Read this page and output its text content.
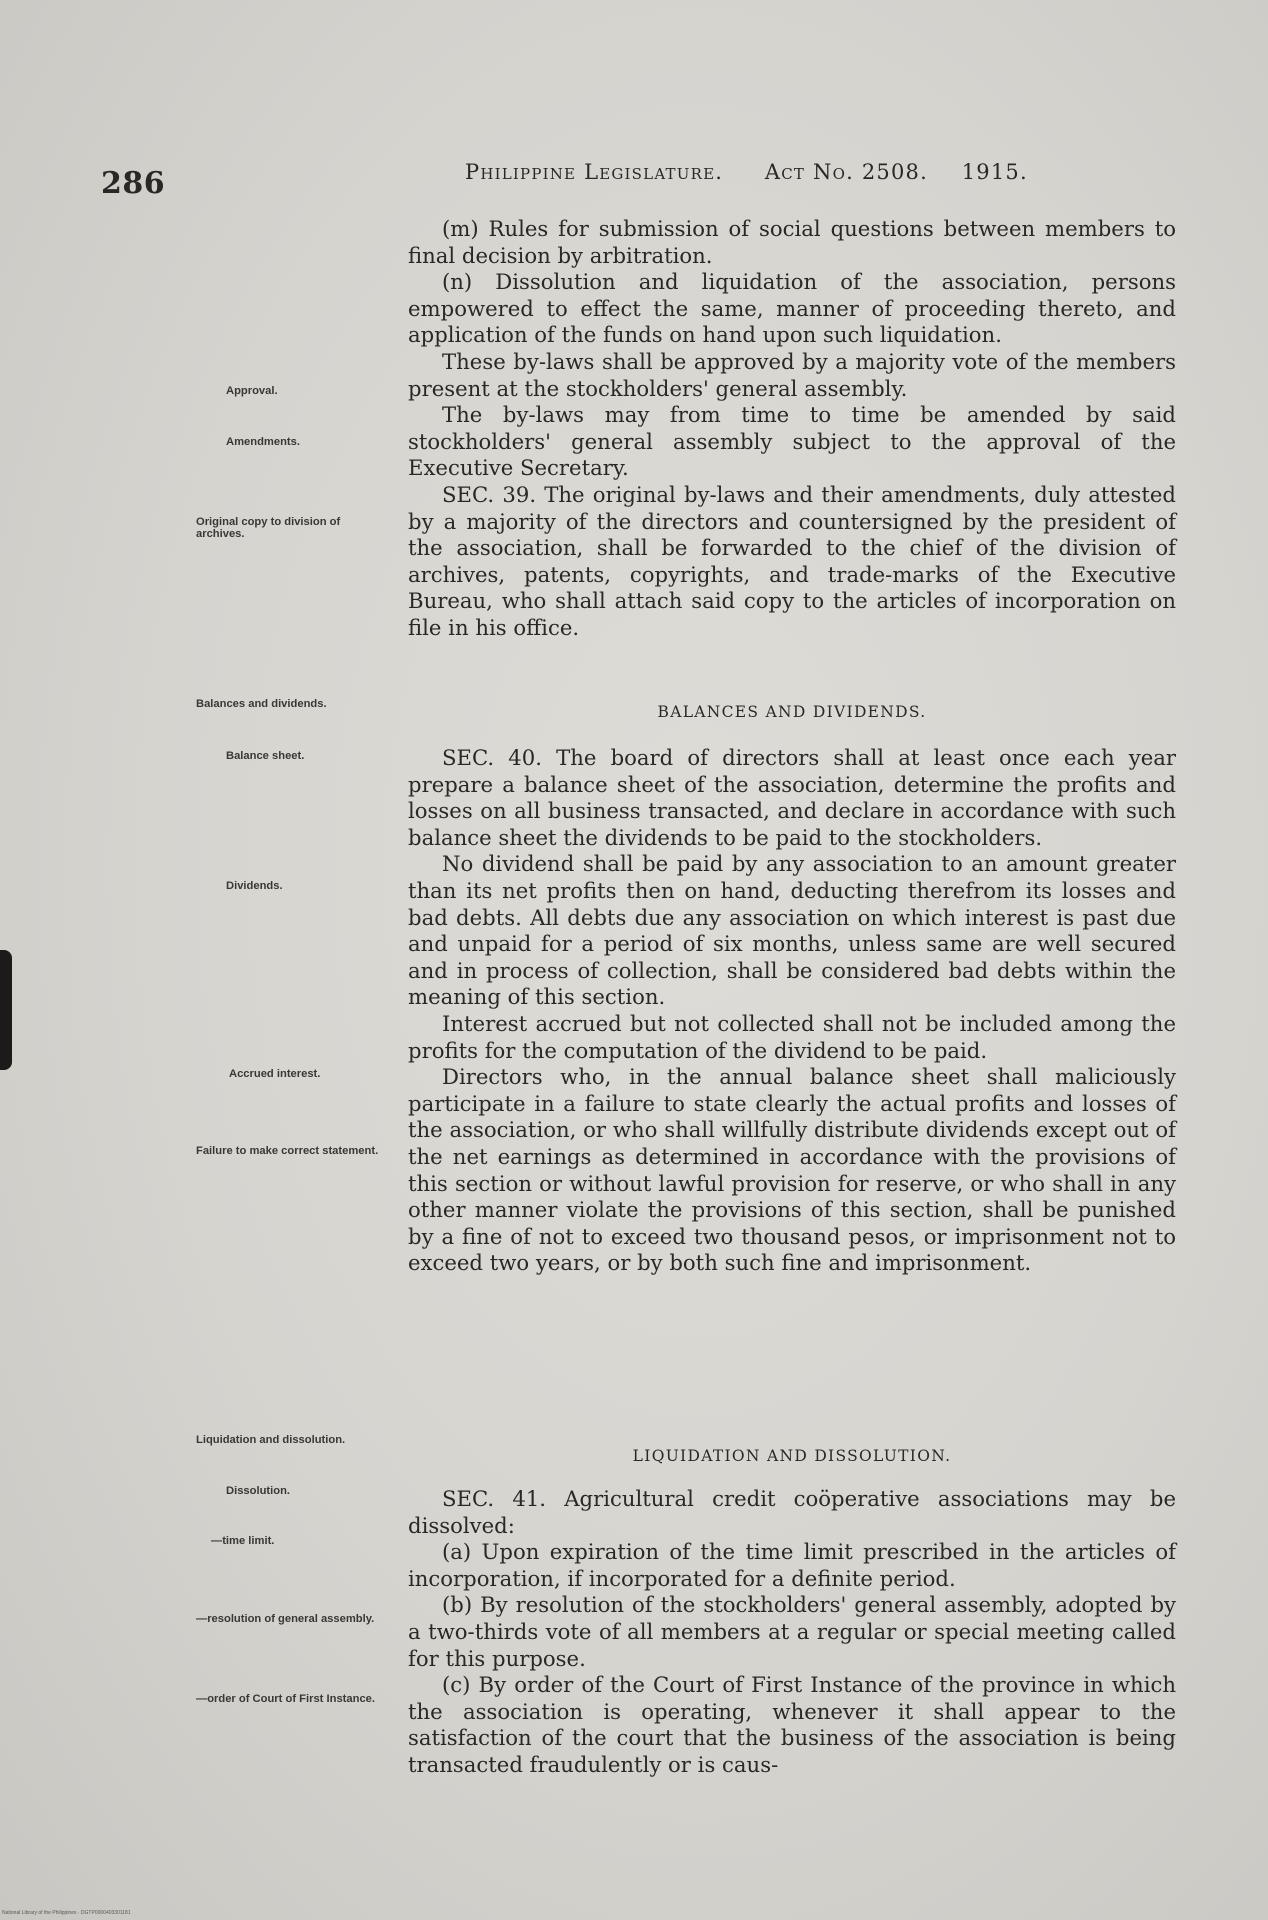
286	Philippine Legislature. Act No. 2508. 1915.

(m) Rules for submission of social questions between members to final decision by arbitration.

(n) Dissolution and liquidation of the association, persons empowered to effect the same, manner of proceeding thereto, and application of the funds on hand upon such liquidation.

These by-laws shall be approved by a majority vote of the members present at the stockholders' general assembly.

The by-laws may from time to time be amended by said stockholders' general assembly subject to the approval of the Executive Secretary.

SEC. 39. The original by-laws and their amendments, duly attested by a majority of the directors and countersigned by the president of the association, shall be forwarded to the chief of the division of archives, patents, copyrights, and trade-marks of the Executive Bureau, who shall attach said copy to the articles of incorporation on file in his office.

BALANCES AND DIVIDENDS.

SEC. 40. The board of directors shall at least once each year prepare a balance sheet of the association, determine the profits and losses on all business transacted, and declare in accordance with such balance sheet the dividends to be paid to the stockholders.

No dividend shall be paid by any association to an amount greater than its net profits then on hand, deducting therefrom its losses and bad debts. All debts due any association on which interest is past due and unpaid for a period of six months, unless same are well secured and in process of collection, shall be considered bad debts within the meaning of this section.

Interest accrued but not collected shall not be included among the profits for the computation of the dividend to be paid.

Directors who, in the annual balance sheet shall maliciously participate in a failure to state clearly the actual profits and losses of the association, or who shall willfully distribute dividends except out of the net earnings as determined in accordance with the provisions of this section or without lawful provision for reserve, or who shall in any other manner violate the provisions of this section, shall be punished by a fine of not to exceed two thousand pesos, or imprisonment not to exceed two years, or by both such fine and imprisonment.

LIQUIDATION AND DISSOLUTION.

SEC. 41. Agricultural credit coöperative associations may be dissolved:

(a) Upon expiration of the time limit prescribed in the articles of incorporation, if incorporated for a definite period.

(b) By resolution of the stockholders' general assembly, adopted by a two-thirds vote of all members at a regular or special meeting called for this purpose.

(c) By order of the Court of First Instance of the province in which the association is operating, whenever it shall appear to the satisfaction of the court that the business of the association is being transacted fraudulently or is caus-

Approval.
Amendments.
Original copy to division of archives.
Balances and dividends.
Balance sheet.
Dividends.
Accrued interest.
Failure to make correct statement.
Liquidation and dissolution.
Dissolution.
—time limit.
—resolution of general assembly.
—order of Court of First Instance.
National Library of the Philippines · DGTP0000403301181
